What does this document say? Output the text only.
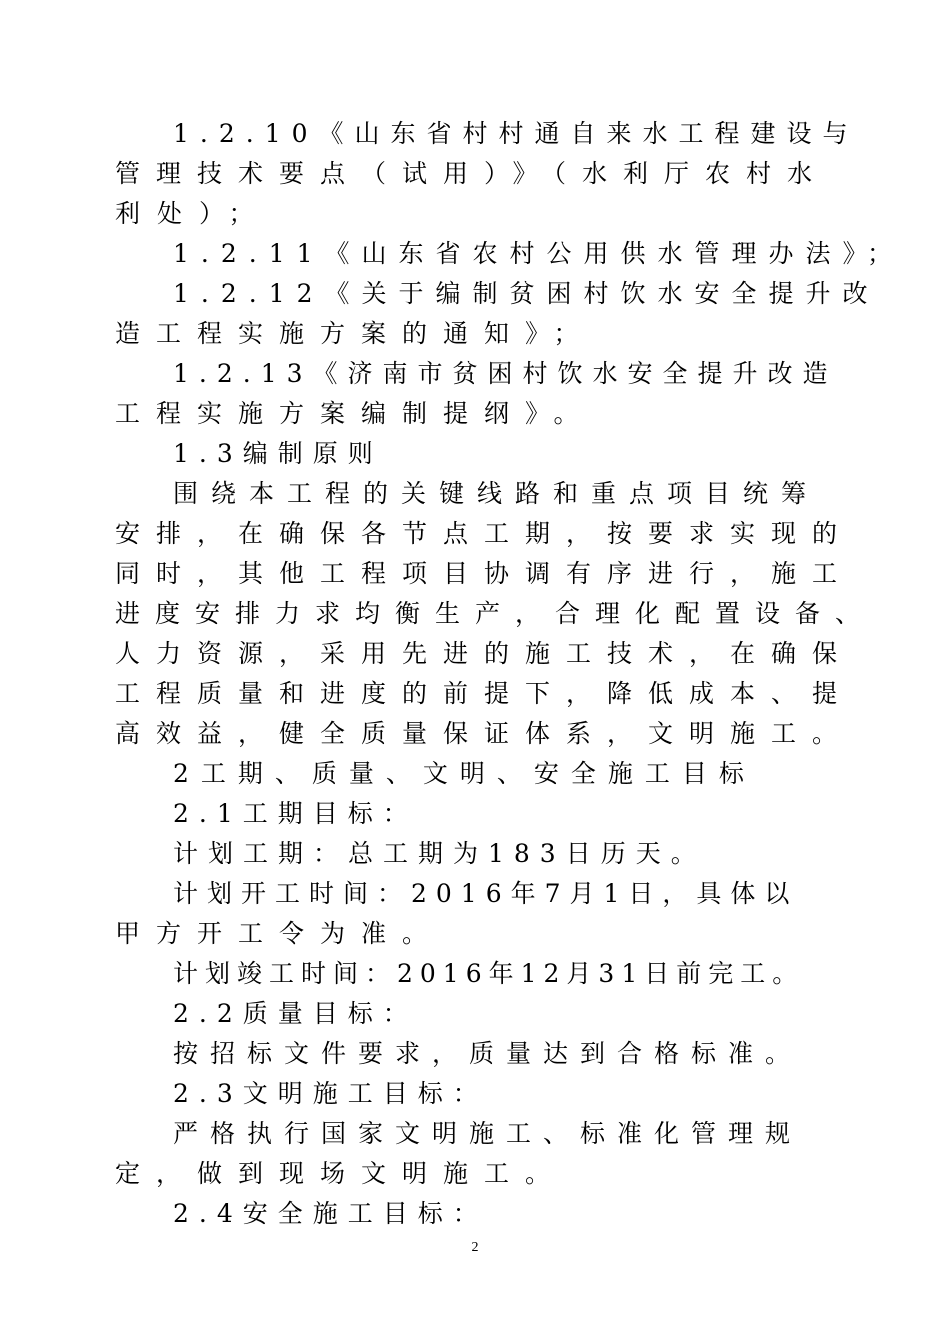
1.2.10《山东省村村通自来水工程建设与
管理技术要点（试用）》（水利厅农村水
利处）；
1.2.11《山东省农村公用供水管理办法》；
1.2.12《关于编制贫困村饮水安全提升改
造工程实施方案的通知》；
1.2.13《济南市贫困村饮水安全提升改造
工程实施方案编制提纲》。
1.3编制原则
围绕本工程的关键线路和重点项目统筹
安排，在确保各节点工期，按要求实现的
同时，其他工程项目协调有序进行，施工
进度安排力求均衡生产，合理化配置设备、
人力资源，采用先进的施工技术，在确保
工程质量和进度的前提下，降低成本、提
高效益，健全质量保证体系，文明施工。
2工期、质量、文明、安全施工目标
2.1工期目标：
计划工期：总工期为183日历天。
计划开工时间：2016年7月1日，具体以
甲方开工令为准。
计划竣工时间：2016年12月31日前完工。
2.2质量目标：
按招标文件要求，质量达到合格标准。
2.3文明施工目标：
严格执行国家文明施工、标准化管理规
定，做到现场文明施工。
2.4安全施工目标：
2
